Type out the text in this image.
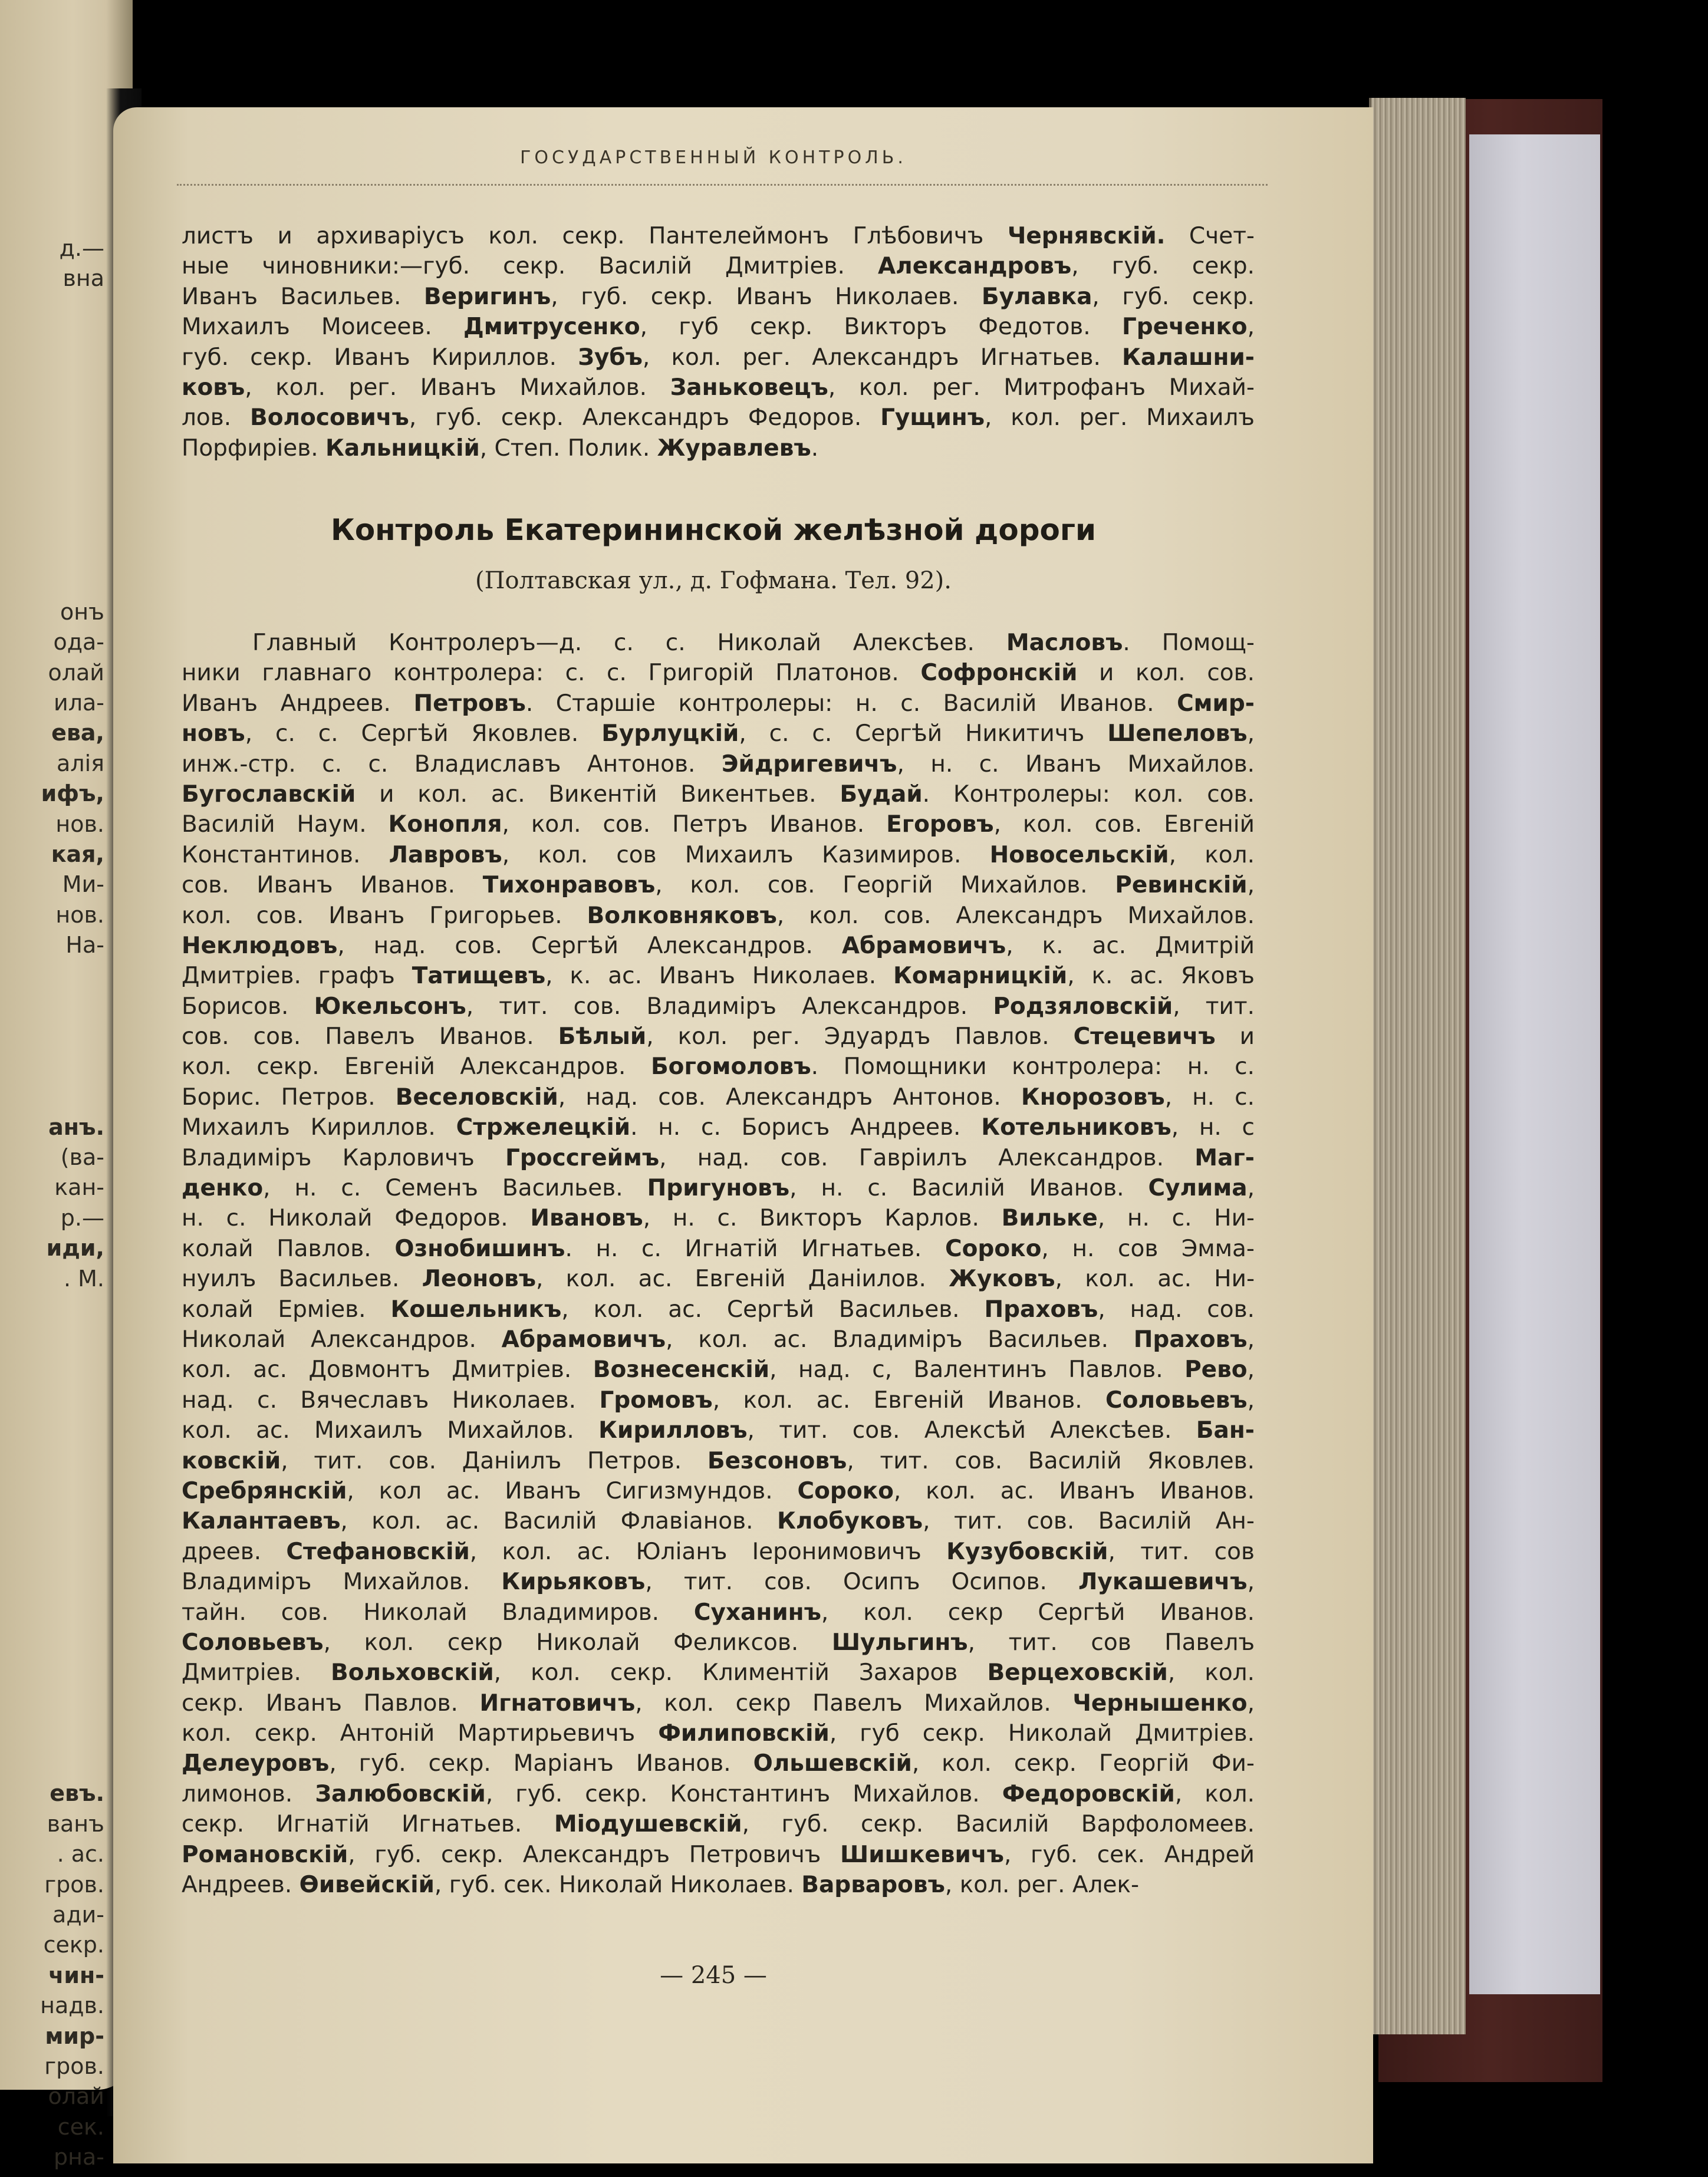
д.—
вна
онъ
ода-
олай
ила-
ева,
алія
ифъ,
нов.
кая,
Ми-
нов.
На-
анъ.
(ва-
кан-
р.—
иди,
. М.
евъ.
ванъ
. ас.
гров.
ади-
секр.
чин-
надв.
мир-
гров.
олай
сек.
рна-
ГОСУДАРСТВЕННЫЙ КОНТРОЛЬ.
листъ и архиваріусъ кол. секр. Пантелеймонъ Глѣбовичъ Чернявскій. Счет-
ные чиновники:—губ. секр. Василій Дмитріев. Александровъ, губ. секр.
Иванъ Васильев. Веригинъ, губ. секр. Иванъ Николаев. Булавка, губ. секр.
Михаилъ Моисеев. Дмитрусенко, губ секр. Викторъ Федотов. Греченко,
губ. секр. Иванъ Кириллов. Зубъ, кол. рег. Александръ Игнатьев. Калашни-
ковъ, кол. рег. Иванъ Михайлов. Заньковецъ, кол. рег. Митрофанъ Михай-
лов. Волосовичъ, губ. секр. Александръ Федоров. Гущинъ, кол. рег. Михаилъ
Порфиріев. Кальницкій, Степ. Полик. Журавлевъ.
Контроль Екатерининской желѣзной дороги
(Полтавская ул., д. Гофмана. Тел. 92).
Главный Контролеръ—д. с. с. Николай Алексѣев. Масловъ. Помощ-
ники главнаго контролера: с. с. Григорій Платонов. Софронскій и кол. сов.
Иванъ Андреев. Петровъ. Старшіе контролеры: н. с. Василій Иванов. Смир-
новъ, с. с. Сергѣй Яковлев. Бурлуцкій, с. с. Сергѣй Никитичъ Шепеловъ,
инж.-стр. с. с. Владиславъ Антонов. Эйдригевичъ, н. с. Иванъ Михайлов.
Бугославскій и кол. ас. Викентій Викентьев. Будай. Контролеры: кол. сов.
Василій Наум. Конопля, кол. сов. Петръ Иванов. Егоровъ, кол. сов. Евгеній
Константинов. Лавровъ, кол. сов Михаилъ Казимиров. Новосельскій, кол.
сов. Иванъ Иванов. Тихонравовъ, кол. сов. Георгій Михайлов. Ревинскій,
кол. сов. Иванъ Григорьев. Волковняковъ, кол. сов. Александръ Михайлов.
Неклюдовъ, над. сов. Сергѣй Александров. Абрамовичъ, к. ас. Дмитрій
Дмитріев. графъ Татищевъ, к. ас. Иванъ Николаев. Комарницкій, к. ас. Яковъ
Борисов. Юкельсонъ, тит. сов. Владиміръ Александров. Родзяловскій, тит.
сов. сов. Павелъ Иванов. Бѣлый, кол. рег. Эдуардъ Павлов. Стецевичъ и
кол. секр. Евгеній Александров. Богомоловъ. Помощники контролера: н. с.
Борис. Петров. Веселовскій, над. сов. Александръ Антонов. Кнорозовъ, н. с.
Михаилъ Кириллов. Стржелецкій. н. с. Борисъ Андреев. Котельниковъ, н. с
Владиміръ Карловичъ Гроссгеймъ, над. сов. Гавріилъ Александров. Маг-
денко, н. с. Семенъ Васильев. Пригуновъ, н. с. Василій Иванов. Сулима,
н. с. Николай Федоров. Ивановъ, н. с. Викторъ Карлов. Вильке, н. с. Ни-
колай Павлов. Ознобишинъ. н. с. Игнатій Игнатьев. Сороко, н. сов Эмма-
нуилъ Васильев. Леоновъ, кол. ас. Евгеній Даніилов. Жуковъ, кол. ас. Ни-
колай Ерміев. Кошельникъ, кол. ас. Сергѣй Васильев. Праховъ, над. сов.
Николай Александров. Абрамовичъ, кол. ас. Владиміръ Васильев. Праховъ,
кол. ас. Довмонтъ Дмитріев. Вознесенскій, над. с, Валентинъ Павлов. Рево,
над. с. Вячеславъ Николаев. Громовъ, кол. ас. Евгеній Иванов. Соловьевъ,
кол. ас. Михаилъ Михайлов. Кирилловъ, тит. сов. Алексѣй Алексѣев. Бан-
ковскій, тит. сов. Даніилъ Петров. Безсоновъ, тит. сов. Василій Яковлев.
Сребрянскій, кол ас. Иванъ Сигизмундов. Сороко, кол. ас. Иванъ Иванов.
Калантаевъ, кол. ас. Василій Флавіанов. Клобуковъ, тит. сов. Василій Ан-
дреев. Стефановскій, кол. ас. Юліанъ Іеронимовичъ Кузубовскій, тит. сов
Владиміръ Михайлов. Кирьяковъ, тит. сов. Осипъ Осипов. Лукашевичъ,
тайн. сов. Николай Владимиров. Суханинъ, кол. секр Сергѣй Иванов.
Соловьевъ, кол. секр Николай Феликсов. Шульгинъ, тит. сов Павелъ
Дмитріев. Вольховскій, кол. секр. Климентій Захаров Верцеховскій, кол.
секр. Иванъ Павлов. Игнатовичъ, кол. секр Павелъ Михайлов. Чернышенко,
кол. секр. Антоній Мартирьевичъ Филиповскій, губ секр. Николай Дмитріев.
Делеуровъ, губ. секр. Маріанъ Иванов. Ольшевскій, кол. секр. Георгій Фи-
лимонов. Залюбовскій, губ. секр. Константинъ Михайлов. Федоровскій, кол.
секр. Игнатій Игнатьев. Міодушевскій, губ. секр. Василій Варфоломеев.
Романовскій, губ. секр. Александръ Петровичъ Шишкевичъ, губ. сек. Андрей
Андреев. Ѳивейскій, губ. сек. Николай Николаев. Варваровъ, кол. рег. Алек-
— 245 —
